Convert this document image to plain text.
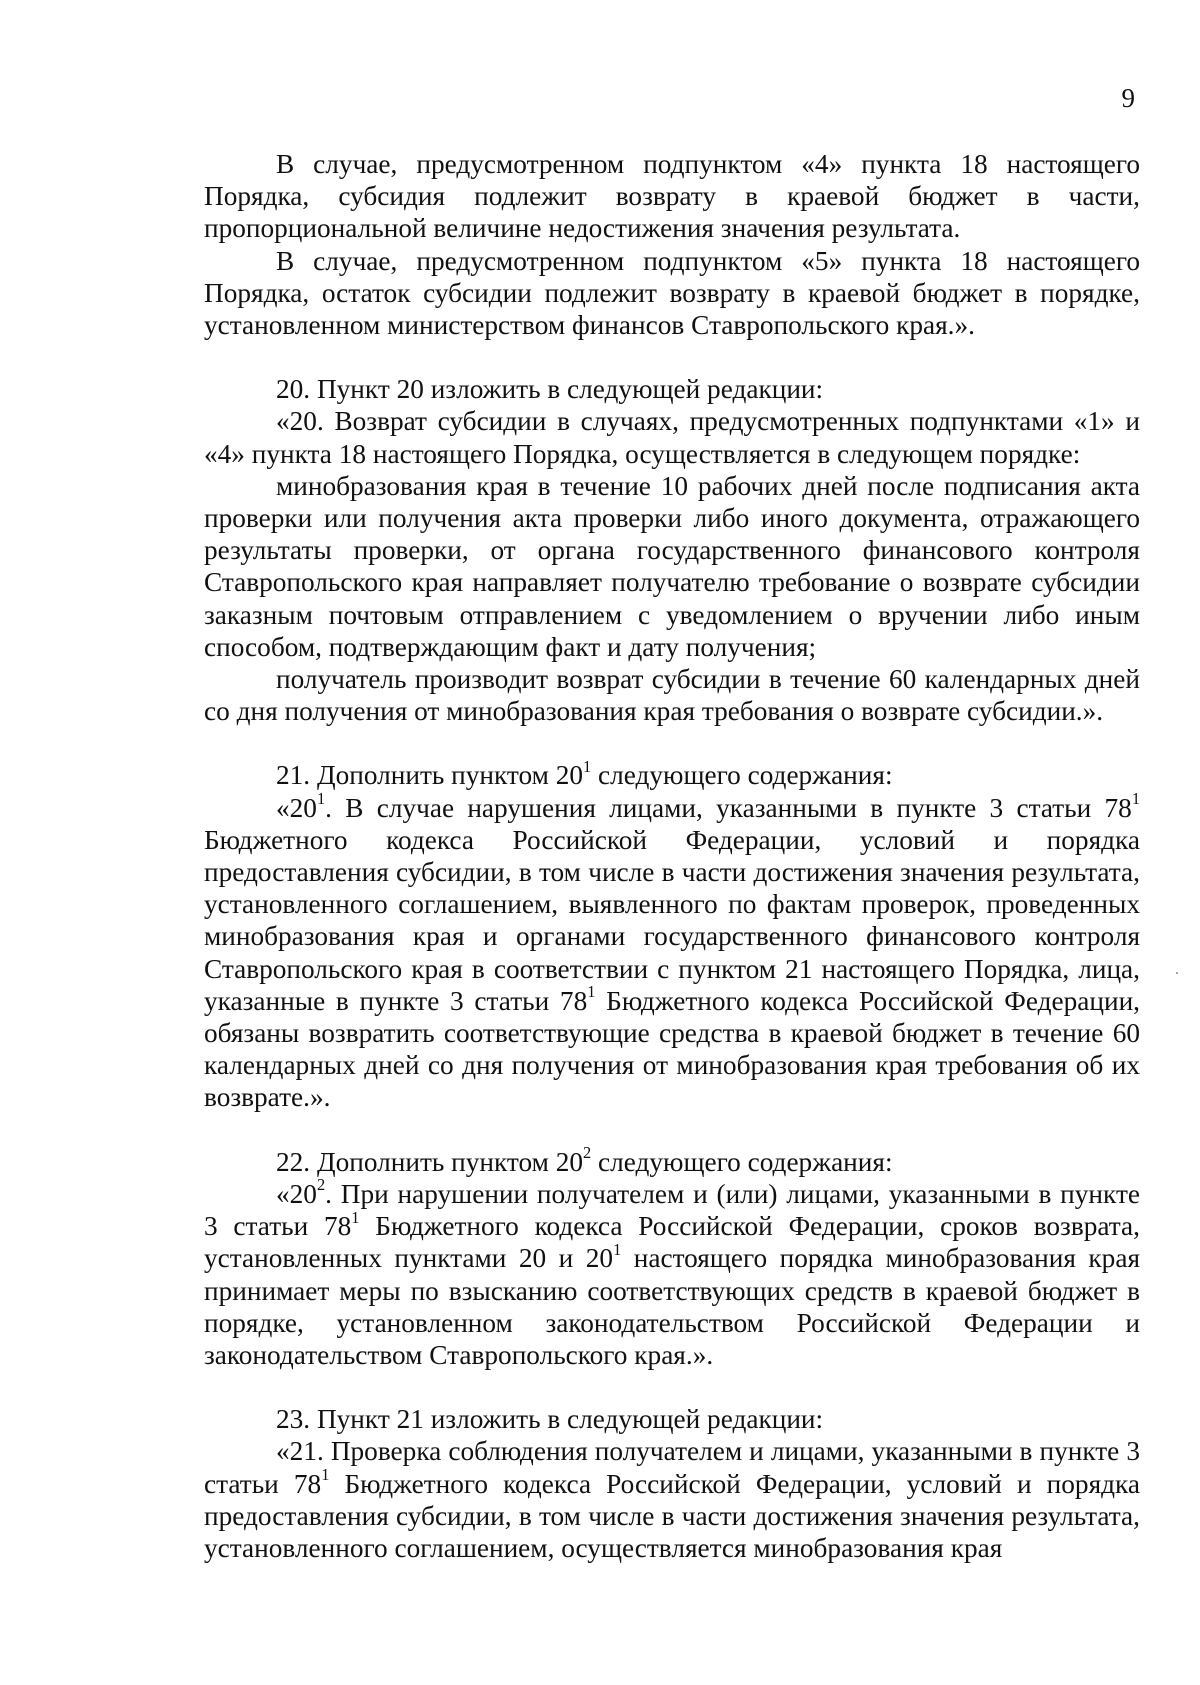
9

В случае, предусмотренном подпунктом «4» пункта 18 настоящего Порядка, субсидия подлежит возврату в краевой бюджет в части, пропорциональной величине недостижения значения результата.

В случае, предусмотренном подпунктом «5» пункта 18 настоящего Порядка, остаток субсидии подлежит возврату в краевой бюджет в порядке, установленном министерством финансов Ставропольского края.».

20. Пункт 20 изложить в следующей редакции:

«20. Возврат субсидии в случаях, предусмотренных подпунктами «1» и «4» пункта 18 настоящего Порядка, осуществляется в следующем порядке:

минобразования края в течение 10 рабочих дней после подписания акта проверки или получения акта проверки либо иного документа, отражающего результаты проверки, от органа государственного финансового контроля Ставропольского края направляет получателю требование о возврате субсидии заказным почтовым отправлением с уведомлением о вручении либо иным способом, подтверждающим факт и дату получения;

получатель производит возврат субсидии в течение 60 календарных дней со дня получения от минобразования края требования о возврате субсидии.».

21. Дополнить пунктом $20^1$ следующего содержания:

«$20^1$. В случае нарушения лицами, указанными в пункте 3 статьи $78^1$ Бюджетного кодекса Российской Федерации, условий и порядка предоставления субсидии, в том числе в части достижения значения результата, установленного соглашением, выявленного по фактам проверок, проведенных минобразования края и органами государственного финансового контроля Ставропольского края в соответствии с пунктом 21 настоящего Порядка, лица, указанные в пункте 3 статьи $78^1$ Бюджетного кодекса Российской Федерации, обязаны возвратить соответствующие средства в краевой бюджет в течение 60 календарных дней со дня получения от минобразования края требования об их возврате.».

22. Дополнить пунктом $20^2$ следующего содержания:

«$20^2$. При нарушении получателем и (или) лицами, указанными в пункте 3 статьи $78^1$ Бюджетного кодекса Российской Федерации, сроков возврата, установленных пунктами 20 и $20^1$ настоящего порядка минобразования края принимает меры по взысканию соответствующих средств в краевой бюджет в порядке, установленном законодательством Российской Федерации и законодательством Ставропольского края.».

23. Пункт 21 изложить в следующей редакции:

«21. Проверка соблюдения получателем и лицами, указанными в пункте 3 статьи $78^1$ Бюджетного кодекса Российской Федерации, условий и порядка предоставления субсидии, в том числе в части достижения значения результата, установленного соглашением, осуществляется минобразования края
